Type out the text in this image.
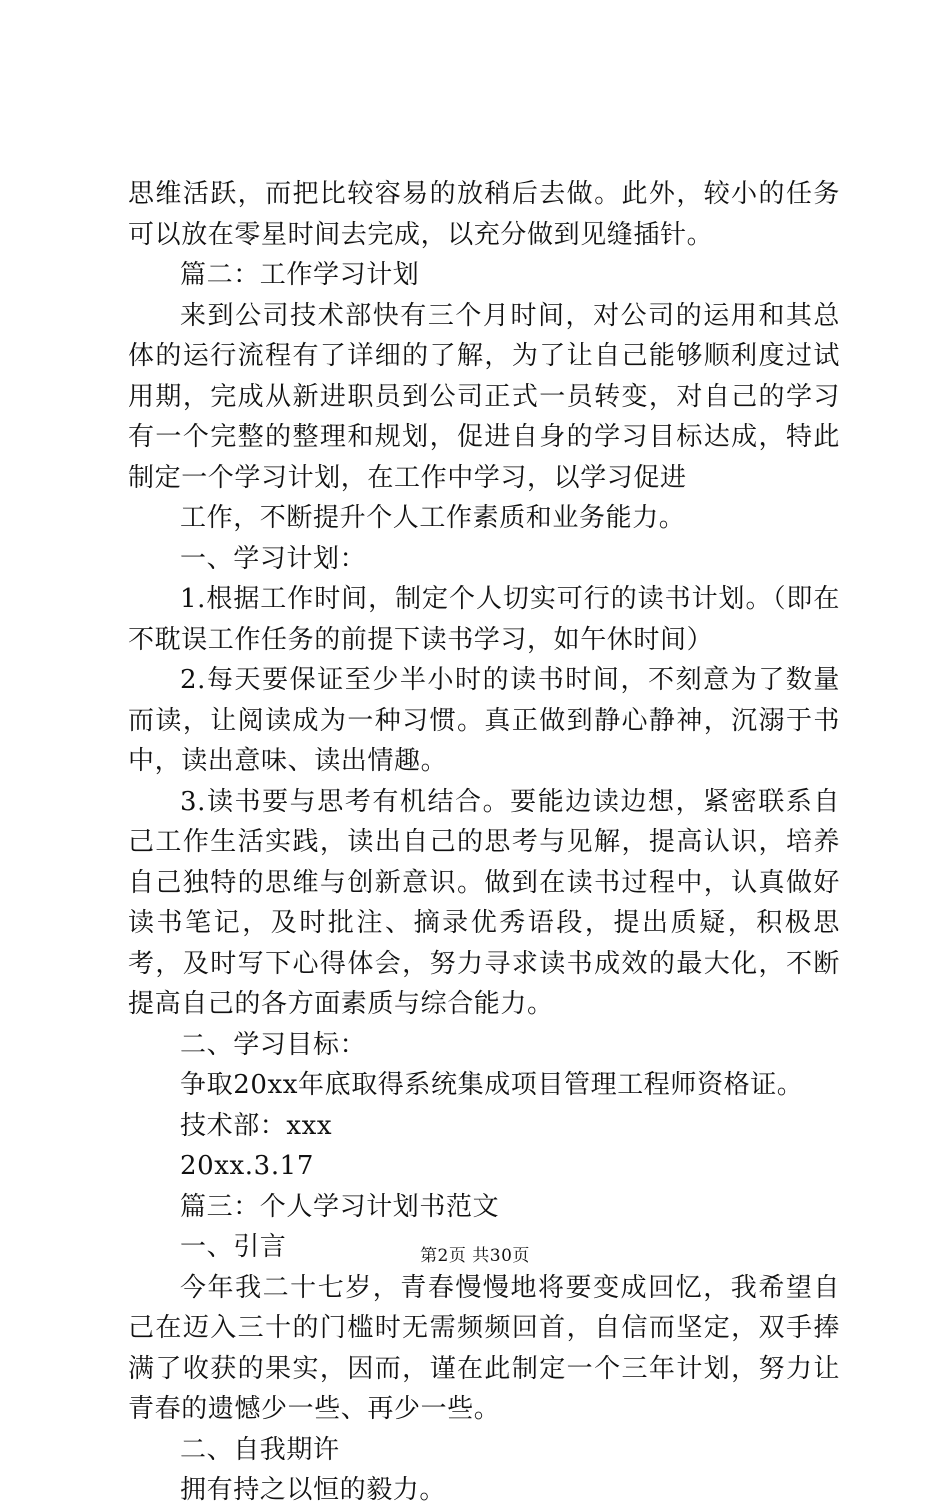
思维活跃，而把比较容易的放稍后去做。此外，较小的任务可以放在零星时间去完成，以充分做到见缝插针。

篇二：工作学习计划

来到公司技术部快有三个月时间，对公司的运用和其总体的运行流程有了详细的了解，为了让自己能够顺利度过试用期，完成从新进职员到公司正式一员转变，对自己的学习有一个完整的整理和规划，促进自身的学习目标达成，特此制定一个学习计划，在工作中学习，以学习促进

工作，不断提升个人工作素质和业务能力。

一、学习计划：

1.根据工作时间，制定个人切实可行的读书计划。（即在不耽误工作任务的前提下读书学习，如午休时间）

2.每天要保证至少半小时的读书时间，不刻意为了数量而读，让阅读成为一种习惯。真正做到静心静神，沉溺于书中，读出意味、读出情趣。

3.读书要与思考有机结合。要能边读边想，紧密联系自己工作生活实践，读出自己的思考与见解，提高认识，培养自己独特的思维与创新意识。做到在读书过程中，认真做好读书笔记，及时批注、摘录优秀语段，提出质疑，积极思考，及时写下心得体会，努力寻求读书成效的最大化，不断提高自己的各方面素质与综合能力。

二、学习目标：

争取20xx年底取得系统集成项目管理工程师资格证。

技术部：xxx

20xx.3.17

篇三：个人学习计划书范文

一、引言

今年我二十七岁，青春慢慢地将要变成回忆，我希望自己在迈入三十的门槛时无需频频回首，自信而坚定，双手捧满了收获的果实，因而，谨在此制定一个三年计划，努力让青春的遗憾少一些、再少一些。

二、自我期许

拥有持之以恒的毅力。

第2页 共30页
